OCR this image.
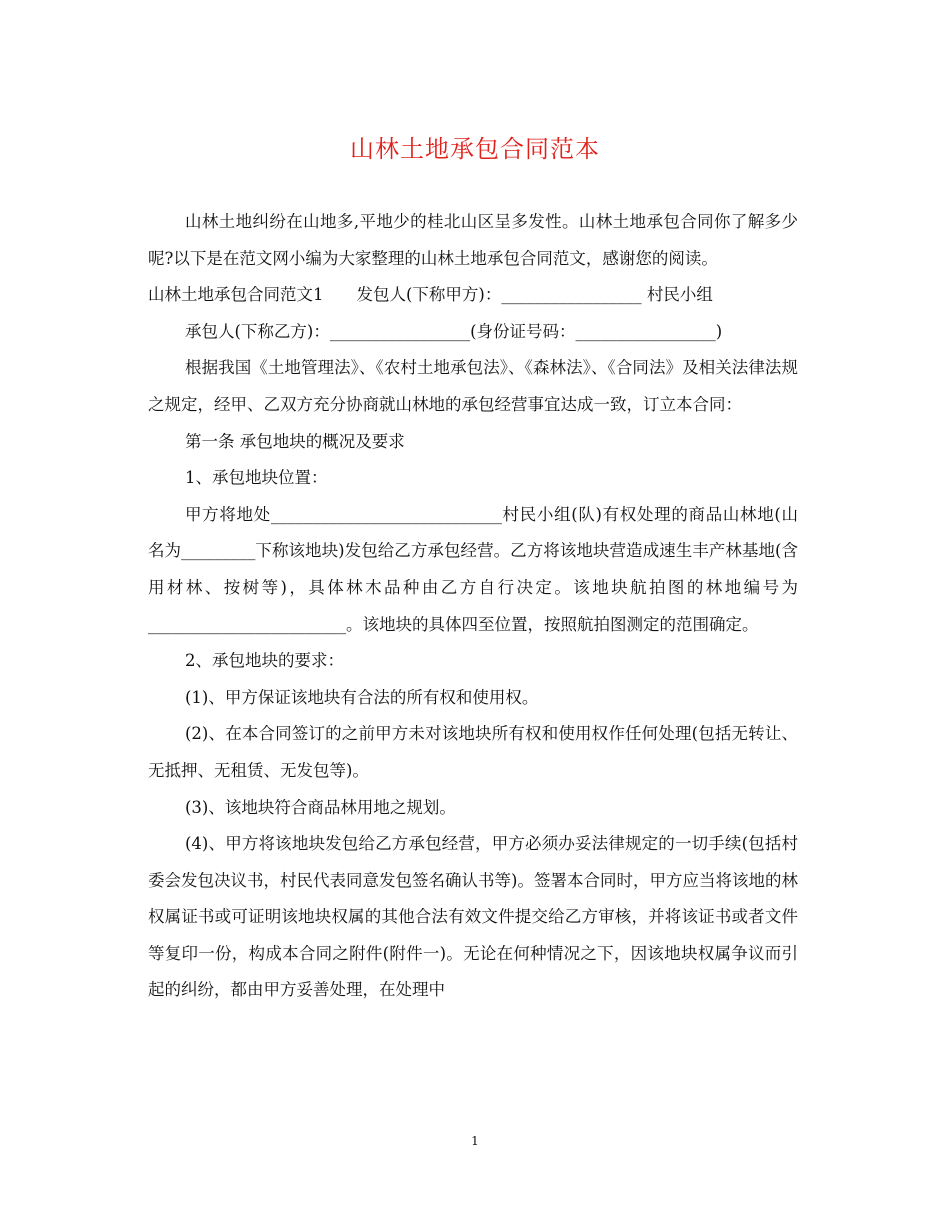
山林土地承包合同范本

山林土地纠纷在山地多,平地少的桂北山区呈多发性。山林土地承包合同你了解多少呢?以下是在范文网小编为大家整理的山林土地承包合同范文，感谢您的阅读。

山林土地承包合同范文1　　发包人(下称甲方)：_________________ 村民小组

承包人(下称乙方)：_________________(身份证号码：_________________)

根据我国《土地管理法》、《农村土地承包法》、《森林法》、《合同法》及相关法律法规之规定，经甲、乙双方充分协商就山林地的承包经营事宜达成一致，订立本合同：

第一条 承包地块的概况及要求

1、承包地块位置：

甲方将地处____________________________村民小组(队)有权处理的商品山林地(山名为_________下称该地块)发包给乙方承包经营。乙方将该地块营造成速生丰产林基地(含用材林、按树等)，具体林木品种由乙方自行决定。该地块航拍图的林地编号为________________________。该地块的具体四至位置，按照航拍图测定的范围确定。

2、承包地块的要求：

(1)、甲方保证该地块有合法的所有权和使用权。

(2)、在本合同签订的之前甲方未对该地块所有权和使用权作任何处理(包括无转让、无抵押、无租赁、无发包等)。

(3)、该地块符合商品林用地之规划。

(4)、甲方将该地块发包给乙方承包经营，甲方必须办妥法律规定的一切手续(包括村委会发包决议书，村民代表同意发包签名确认书等)。签署本合同时，甲方应当将该地的林权属证书或可证明该地块权属的其他合法有效文件提交给乙方审核，并将该证书或者文件等复印一份，构成本合同之附件(附件一)。无论在何种情况之下，因该地块权属争议而引起的纠纷，都由甲方妥善处理，在处理中

1
